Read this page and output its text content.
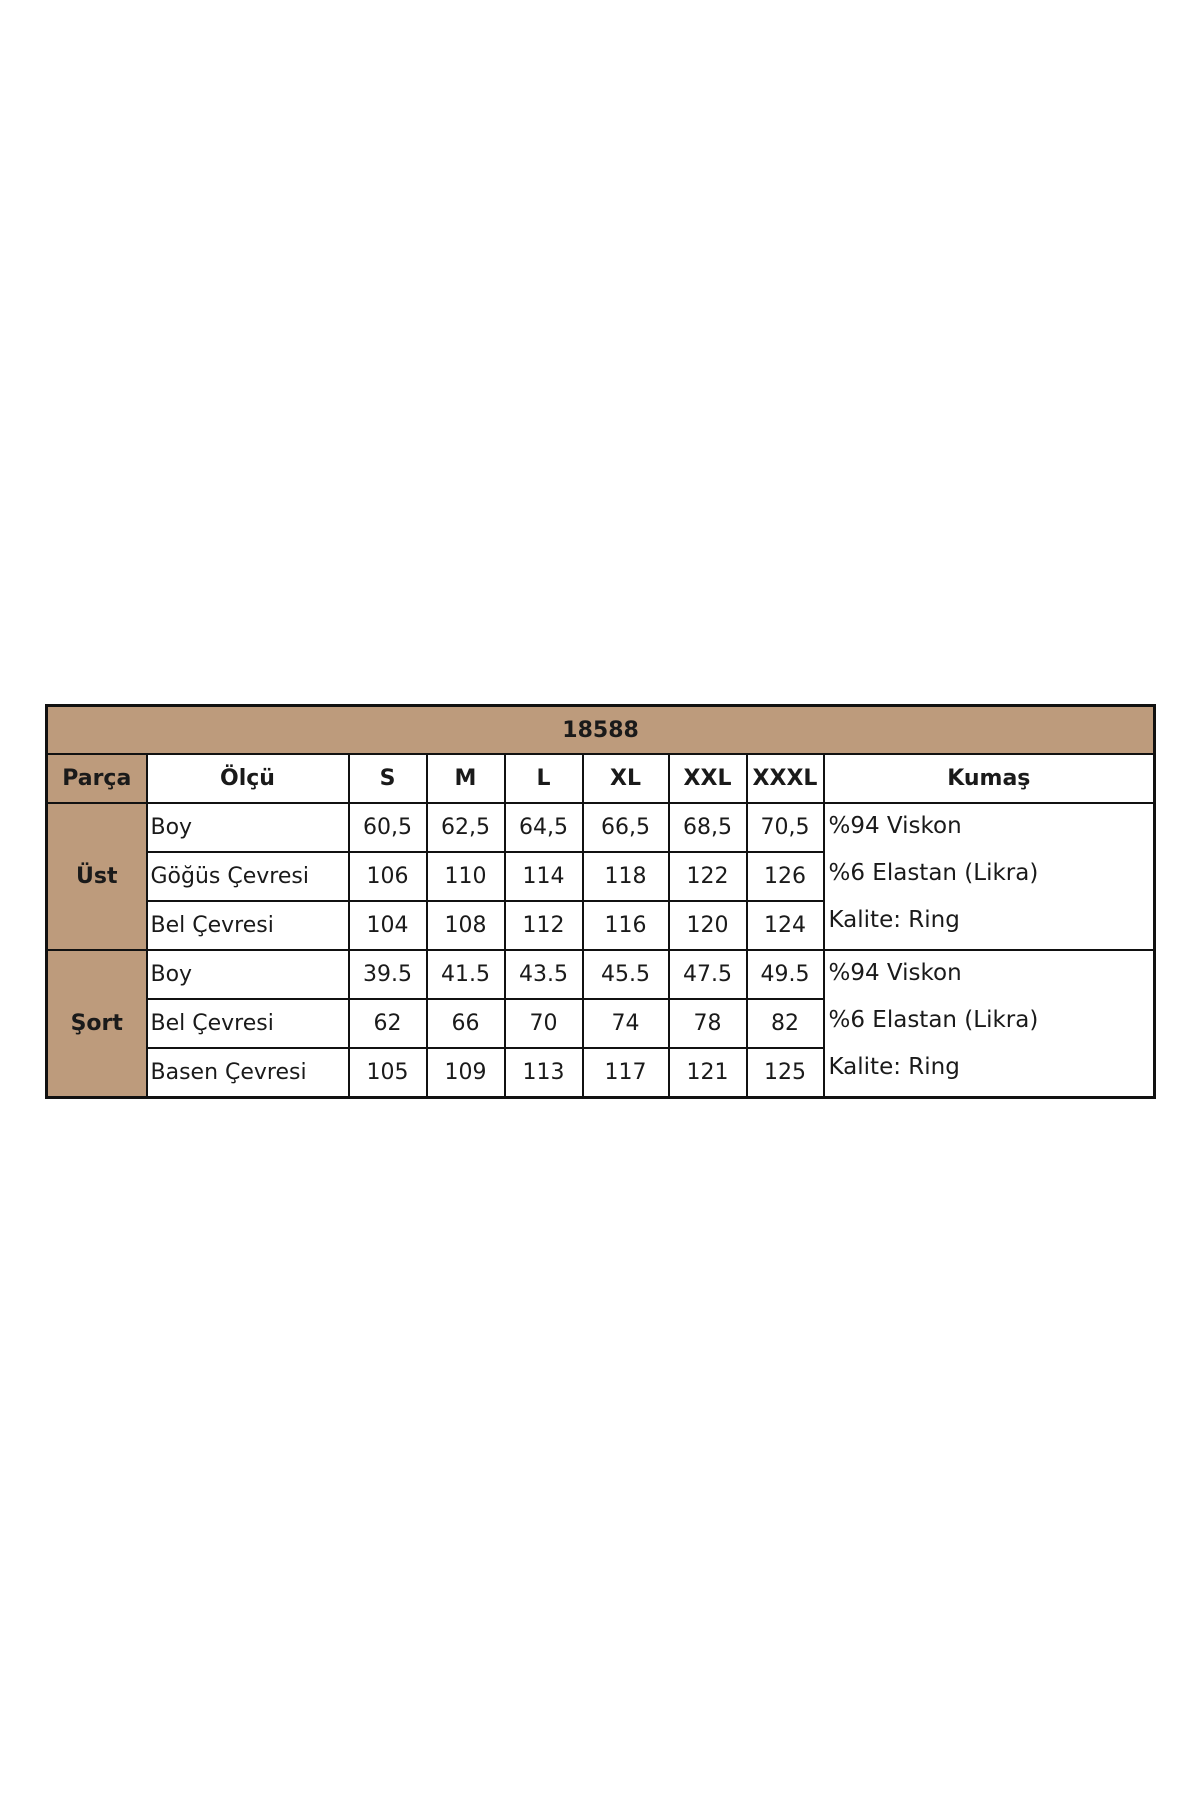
18588								
Parça	Ölçü	S	M	L	XL	XXL	XXXL	Kumaş
Üst	Boy	60,5	62,5	64,5	66,5	68,5	70,5	%94 Viskon
%6 Elastan (Likra)
Kalite: Ring

	Göğüs Çevresi	106	110	114	118	122	126	
	Bel Çevresi	104	108	112	116	120	124	
Şort	Boy	39.5	41.5	43.5	45.5	47.5	49.5	%94 Viskon
%6 Elastan (Likra)
Kalite: Ring

	Bel Çevresi	62	66	70	74	78	82	
	Basen Çevresi	105	109	113	117	121	125	
